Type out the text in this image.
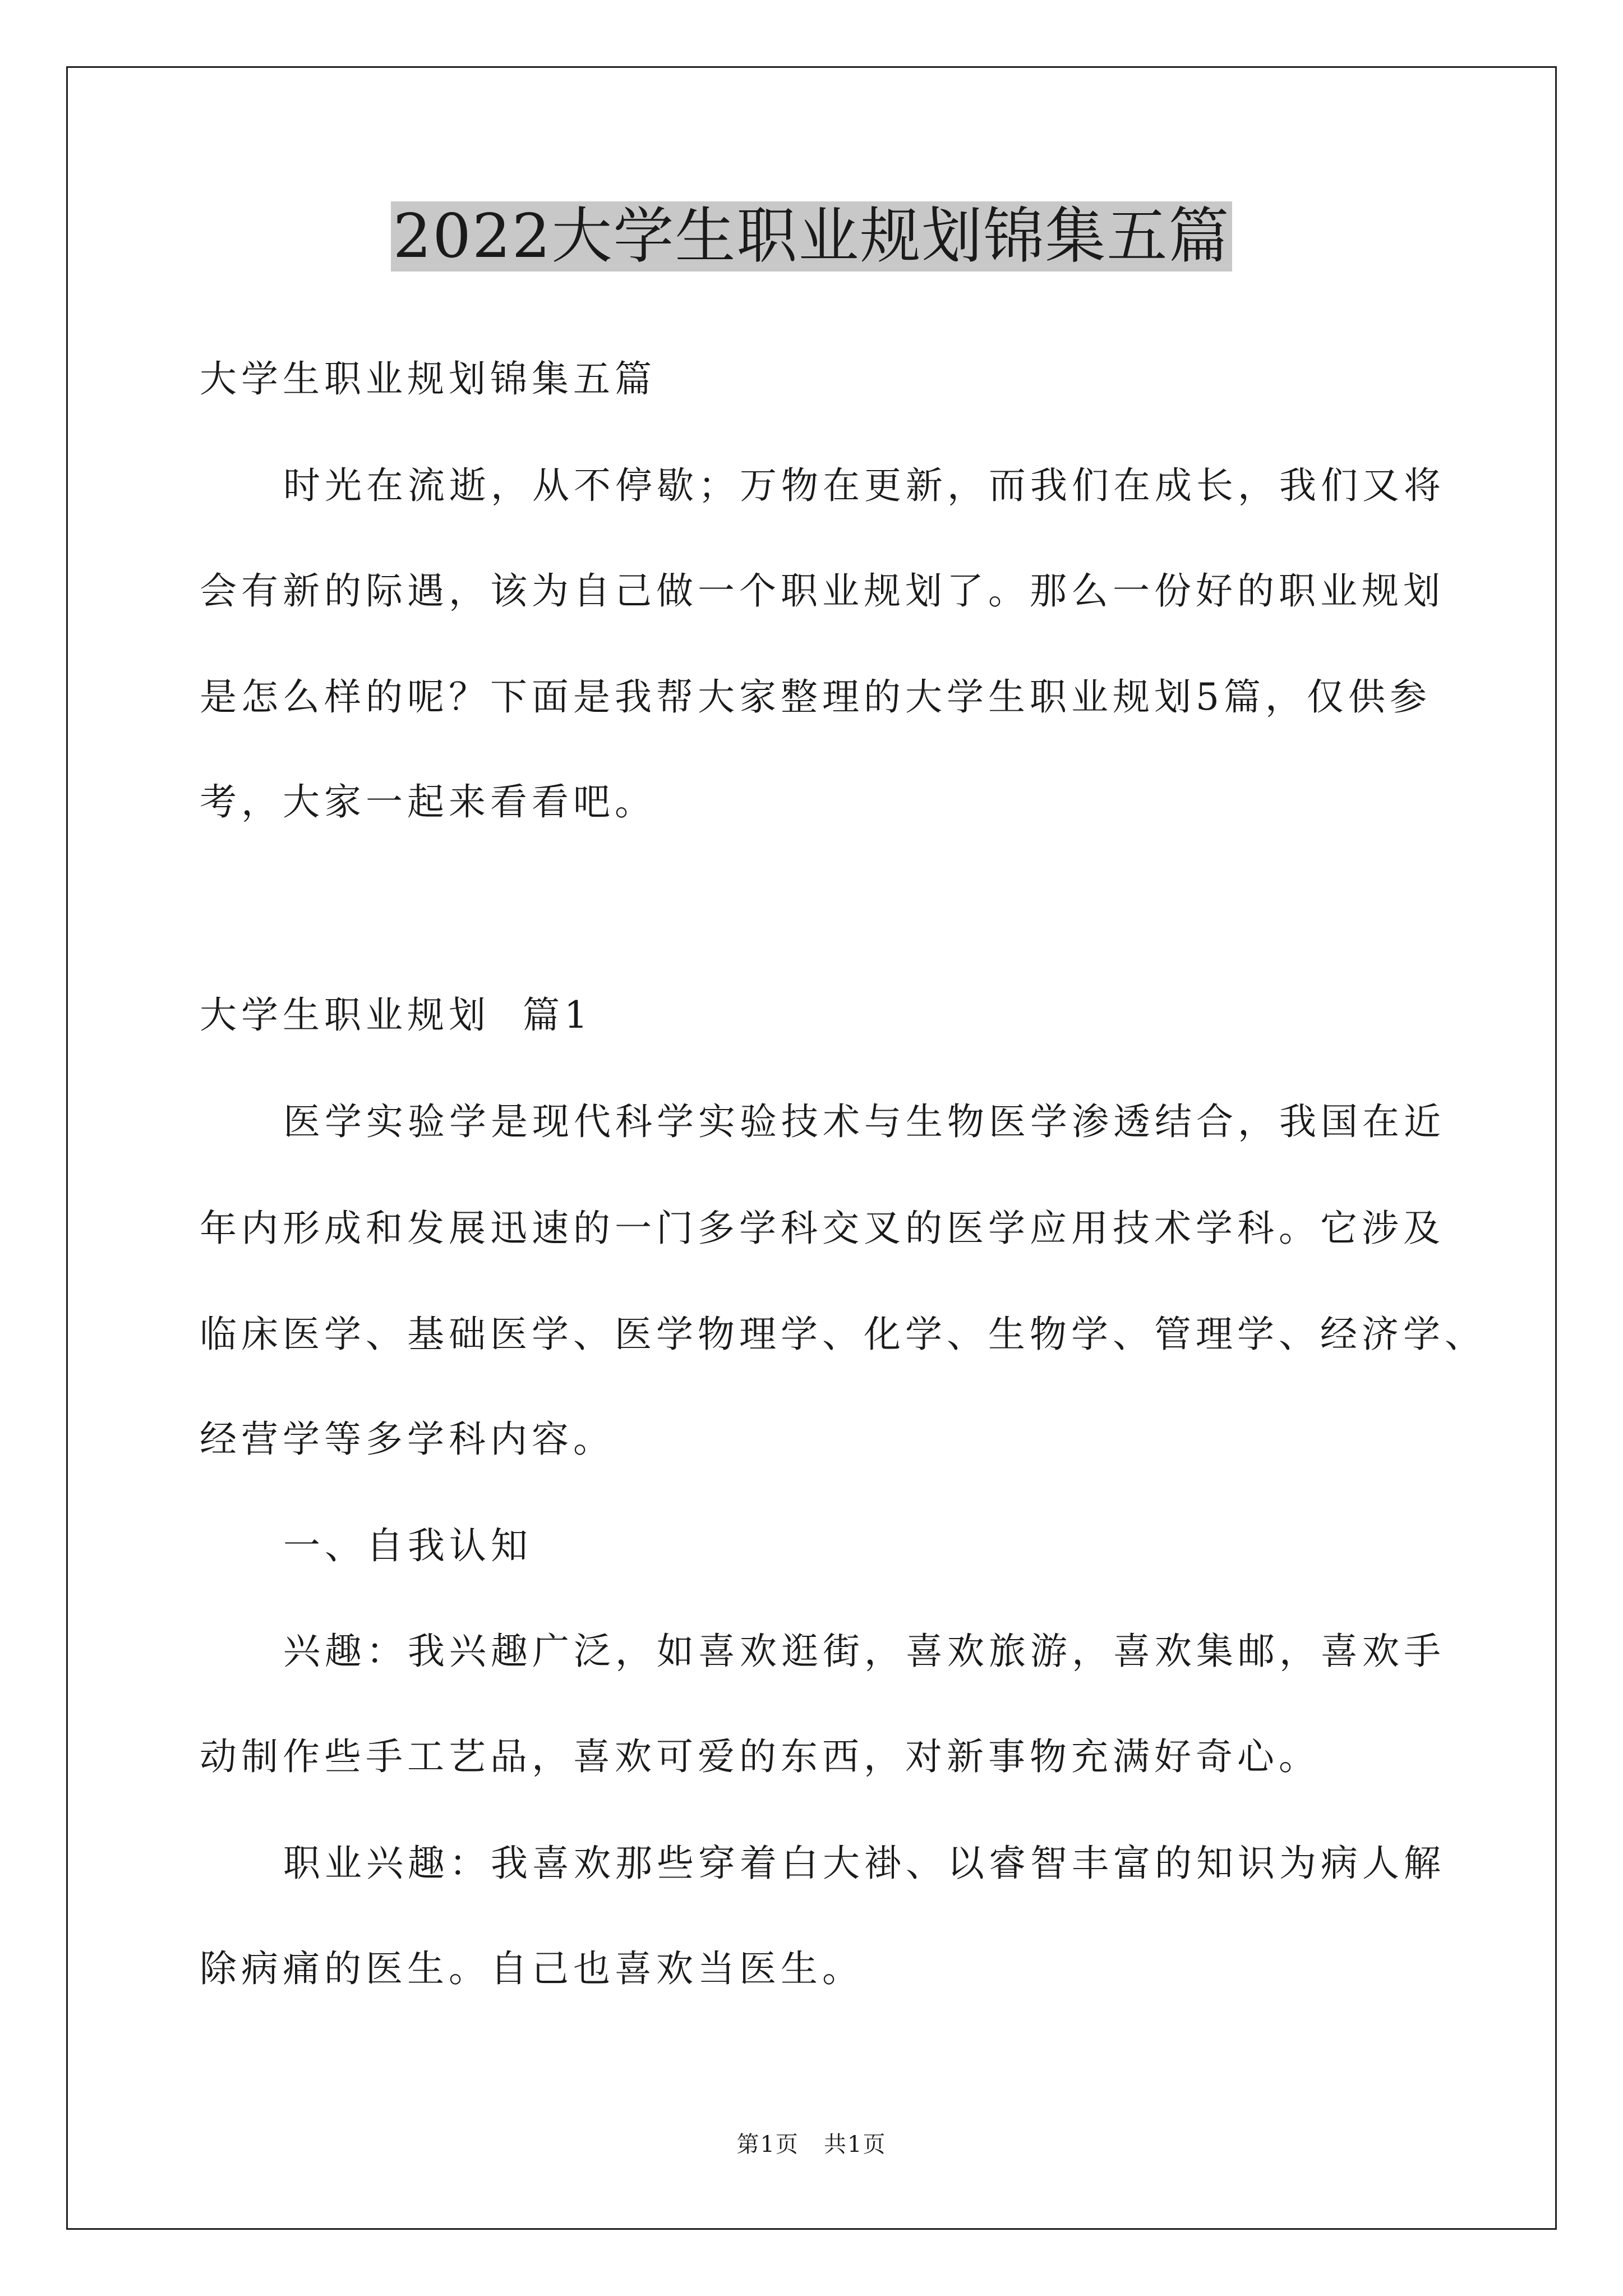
2022大学生职业规划锦集五篇
大学生职业规划锦集五篇
时光在流逝，从不停歇；万物在更新，而我们在成长，我们又将
会有新的际遇，该为自己做一个职业规划了。那么一份好的职业规划
是怎么样的呢？下面是我帮大家整理的大学生职业规划5篇，仅供参
考，大家一起来看看吧。
大学生职业规划  篇1
医学实验学是现代科学实验技术与生物医学渗透结合，我国在近
年内形成和发展迅速的一门多学科交叉的医学应用技术学科。它涉及
临床医学、基础医学、医学物理学、化学、生物学、管理学、经济学、
经营学等多学科内容。
一、自我认知
兴趣：我兴趣广泛，如喜欢逛街，喜欢旅游，喜欢集邮，喜欢手
动制作些手工艺品，喜欢可爱的东西，对新事物充满好奇心。
职业兴趣：我喜欢那些穿着白大褂、以睿智丰富的知识为病人解
除病痛的医生。自己也喜欢当医生。
第1页   共1页
